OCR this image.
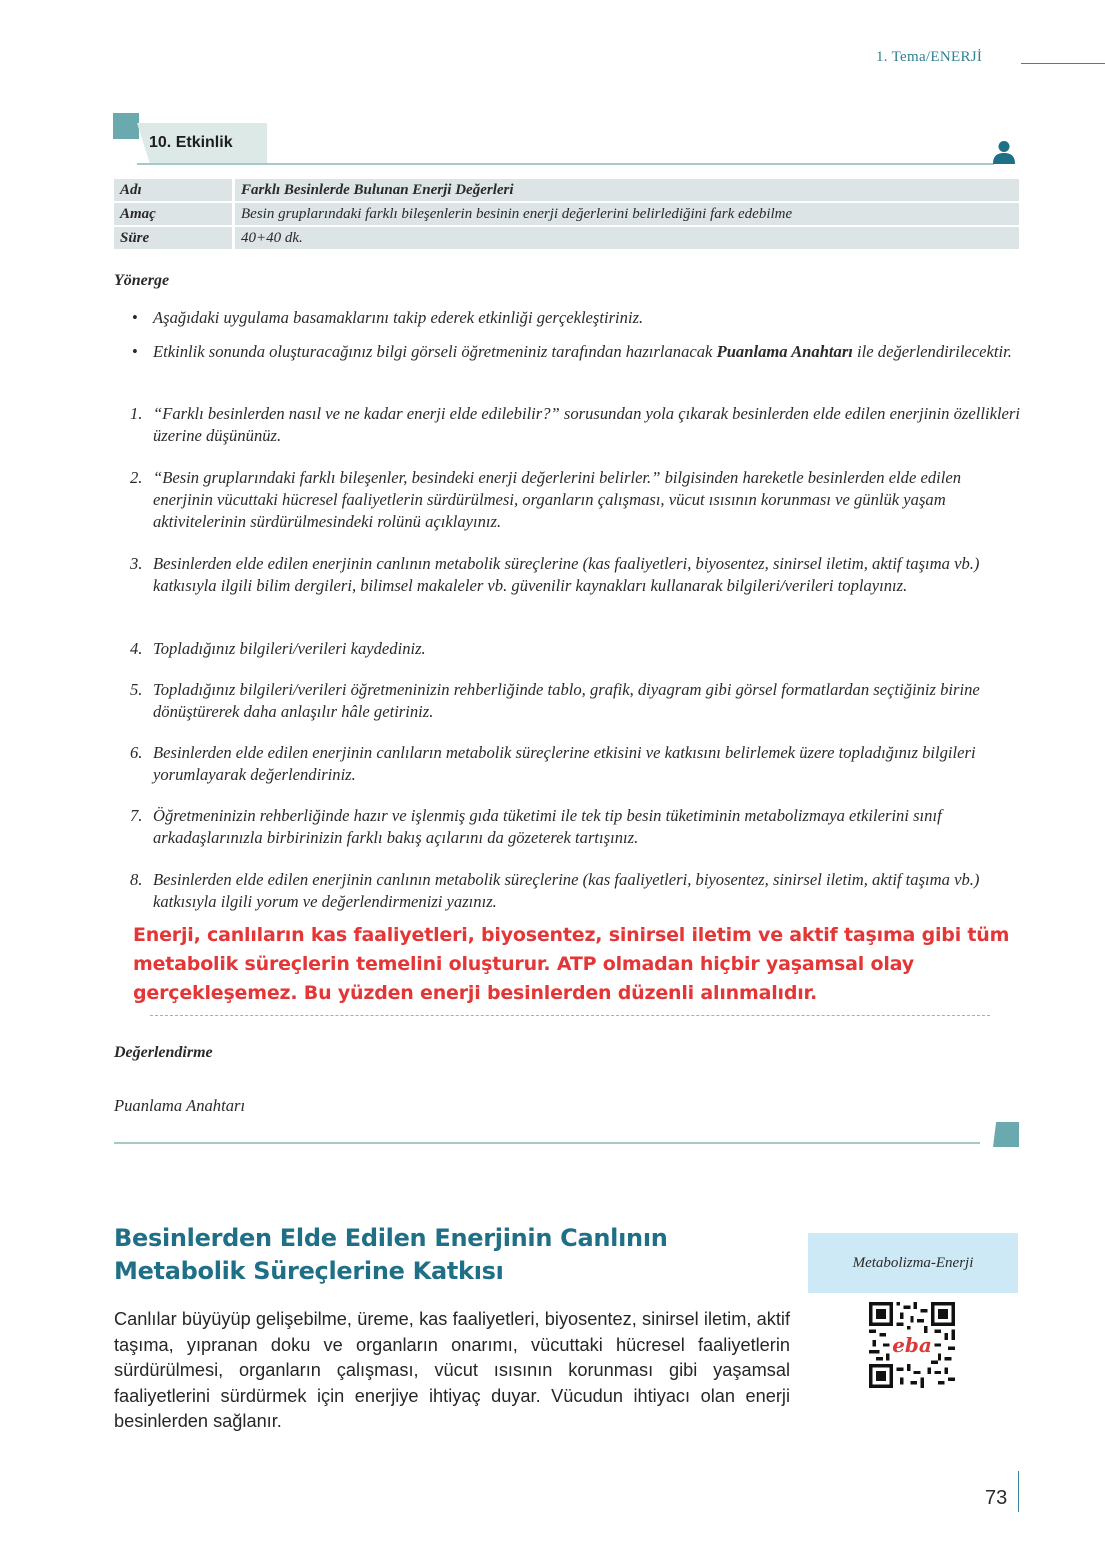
1. Tema/ENERJİ
10. Etkinlik
Adı	Farklı Besinlerde Bulunan Enerji Değerleri
Amaç	Besin gruplarındaki farklı bileşenlerin besinin enerji değerlerini belirlediğini fark edebilme
Süre	40+40 dk.
Yönerge
• Aşağıdaki uygulama basamaklarını takip ederek etkinliği gerçekleştiriniz.
• Etkinlik sonunda oluşturacağınız bilgi görseli öğretmeniniz tarafından hazırlanacak Puanlama Anahtarı ile değerlendirilecektir.
1. “Farklı besinlerden nasıl ve ne kadar enerji elde edilebilir?” sorusundan yola çıkarak besinlerden elde edilen enerjinin özellikleri üzerine düşününüz.
2. “Besin gruplarındaki farklı bileşenler, besindeki enerji değerlerini belirler.” bilgisinden hareketle besinlerden elde edilen enerjinin vücuttaki hücresel faaliyetlerin sürdürülmesi, organların çalışması, vücut ısısının korunması ve günlük yaşam aktivitelerinin sürdürülmesindeki rolünü açıklayınız.
3. Besinlerden elde edilen enerjinin canlının metabolik süreçlerine (kas faaliyetleri, biyosentez, sinirsel iletim, aktif taşıma vb.) katkısıyla ilgili bilim dergileri, bilimsel makaleler vb. güvenilir kaynakları kullanarak bilgileri/verileri toplayınız.
4. Topladığınız bilgileri/verileri kaydediniz.
5. Topladığınız bilgileri/verileri öğretmeninizin rehberliğinde tablo, grafik, diyagram gibi görsel formatlardan seçtiğiniz birine dönüştürerek daha anlaşılır hâle getiriniz.
6. Besinlerden elde edilen enerjinin canlıların metabolik süreçlerine etkisini ve katkısını belirlemek üzere topladığınız bilgileri yorumlayarak değerlendiriniz.
7. Öğretmeninizin rehberliğinde hazır ve işlenmiş gıda tüketimi ile tek tip besin tüketiminin metabolizmaya etkilerini sınıf arkadaşlarınızla birbirinizin farklı bakış açılarını da gözeterek tartışınız.
8. Besinlerden elde edilen enerjinin canlının metabolik süreçlerine (kas faaliyetleri, biyosentez, sinirsel iletim, aktif taşıma vb.) katkısıyla ilgili yorum ve değerlendirmenizi yazınız.
Enerji, canlıların kas faaliyetleri, biyosentez, sinirsel iletim ve aktif taşıma gibi tüm metabolik süreçlerin temelini oluşturur. ATP olmadan hiçbir yaşamsal olay gerçekleşemez. Bu yüzden enerji besinlerden düzenli alınmalıdır.
Değerlendirme
Puanlama Anahtarı
Besinlerden Elde Edilen Enerjinin Canlının
Metabolik Süreçlerine Katkısı
Canlılar büyüyüp gelişebilme, üreme, kas faaliyetleri, biyosentez, sinirsel iletim, aktif taşıma, yıpranan doku ve organların onarımı, vücuttaki hücresel faaliyetlerin sürdürülmesi, organların çalışması, vücut ısısının korunması gibi yaşamsal faaliyetlerini sürdürmek için enerjiye ihtiyaç duyar. Vücudun ihtiyacı olan enerji besinlerden sağlanır.
Metabolizma-Enerji
eba
73
